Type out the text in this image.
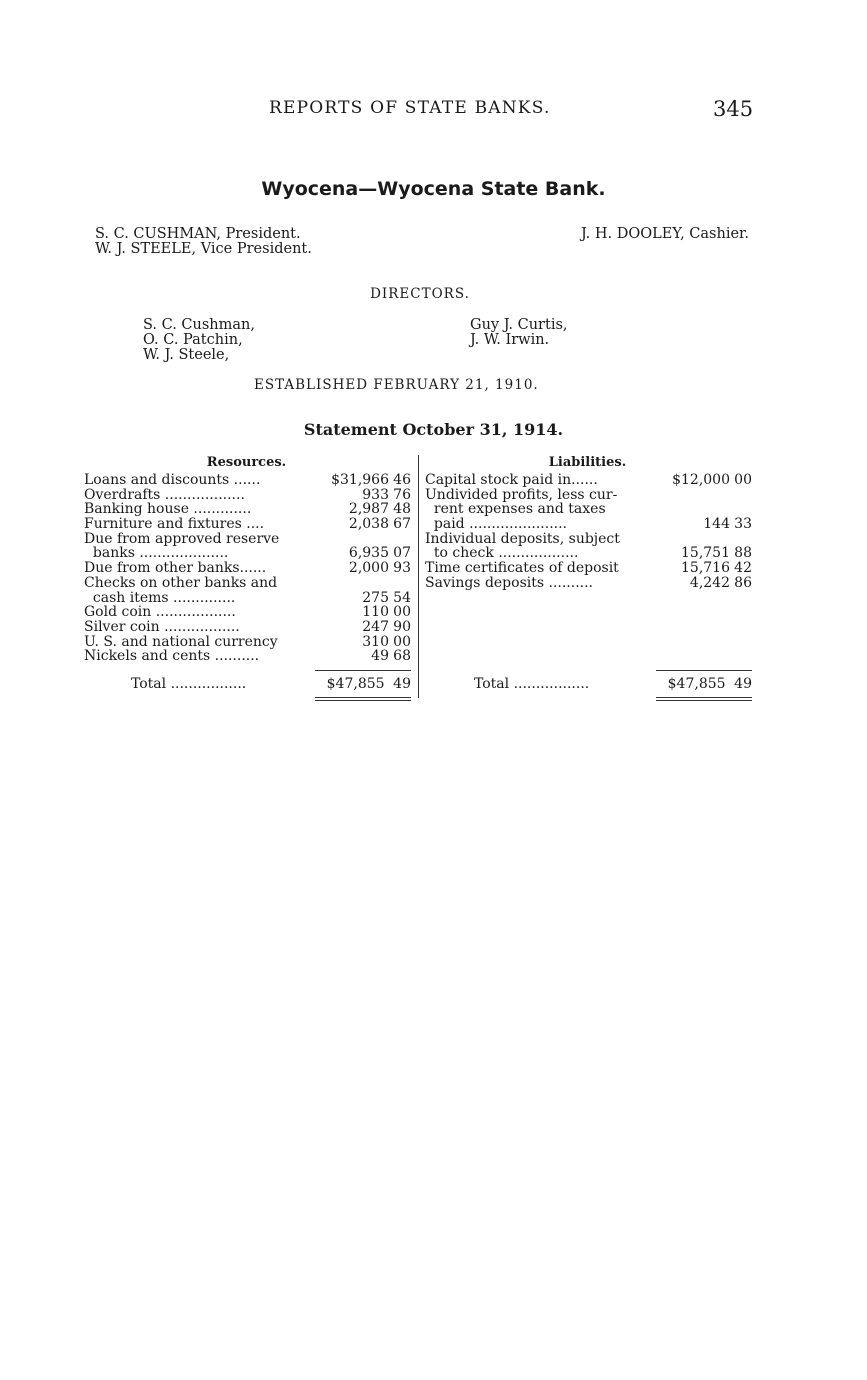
REPORTS OF STATE BANKS.	345
Wyocena—Wyocena State Bank.
S. C. CUSHMAN, President.
W. J. STEELE, Vice President.
J. H. DOOLEY, Cashier.
DIRECTORS.
S. C. Cushman,
O. C. Patchin,
W. J. Steele,
Guy J. Curtis,
J. W. Irwin.
ESTABLISHED FEBRUARY 21, 1910.
Statement October 31, 1914.
Resources.	Liabilities.
Loans and discounts ......	$31,966 46
Overdrafts ..................	933 76
Banking house .............	2,987 48
Furniture and fixtures ....	2,038 67
Due from approved reserve
banks ....................	6,935 07
Due from other banks......	2,000 93
Checks on other banks and
cash items ..............	275 54
Gold coin ..................	110 00
Silver coin .................	247 90
U. S. and national currency	310 00
Nickels and cents ..........	49 68
Capital stock paid in......	$12,000 00
Undivided profits, less cur-
rent expenses and taxes
paid ......................	144 33
Individual deposits, subject
to check ..................	15,751 88
Time certificates of deposit	15,716 42
Savings deposits ..........	4,242 86
Total .................	$47,855 49	Total .................	$47,855 49
